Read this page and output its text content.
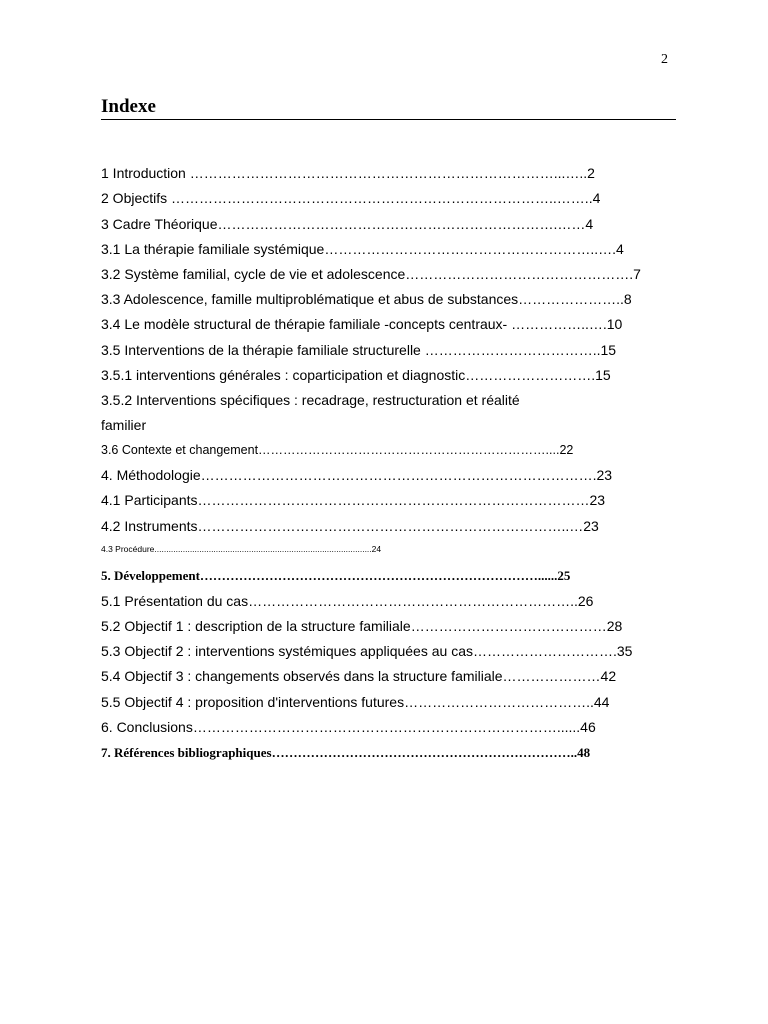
2
Indexe
1 Introduction ……………………………………………………………………...…..2
2 Objectifs ………………………………………………………………………..……..4
3 Cadre Théorique……………………………………………………………….……4
3.1 La thérapie familiale systémique…………………………………………………..….4
3.2 Système familial, cycle de vie et adolescence………………………………………….7
3.3 Adolescence, famille multiproblématique et abus de substances…………………..8
3.4 Le modèle structural de thérapie familiale -concepts centraux- ……………..….10
3.5 Interventions de la thérapie familiale structurelle ………………………………..15
3.5.1 interventions générales : coparticipation et diagnostic……………………….15
3.5.2 Interventions spécifiques : recadrage, restructuration et réalité
familier
3.6 Contexte et changement……………………………………………………………....22
4. Méthodologie………………………………………………………………………….23
4.1 Participants…………………………………………………………………………23
4.2 Instruments……………………………………………………………………..…23
4.3 Procédure............................................................................................24
5. Développement……………………………………………………………………......25
5.1 Présentation du cas……………………………………………………………..26
5.2 Objectif 1 : description de la structure familiale……………………………………28
5.3 Objectif 2 : interventions systémiques appliquées au cas………………………….35
5.4 Objectif 3 : changements observés dans la structure familiale…………………42
5.5 Objectif 4 : proposition d'interventions futures…………………………………..44
6. Conclusions……………………………………………………………………......46
7. Références bibliographiques……………………………………………………………..48
